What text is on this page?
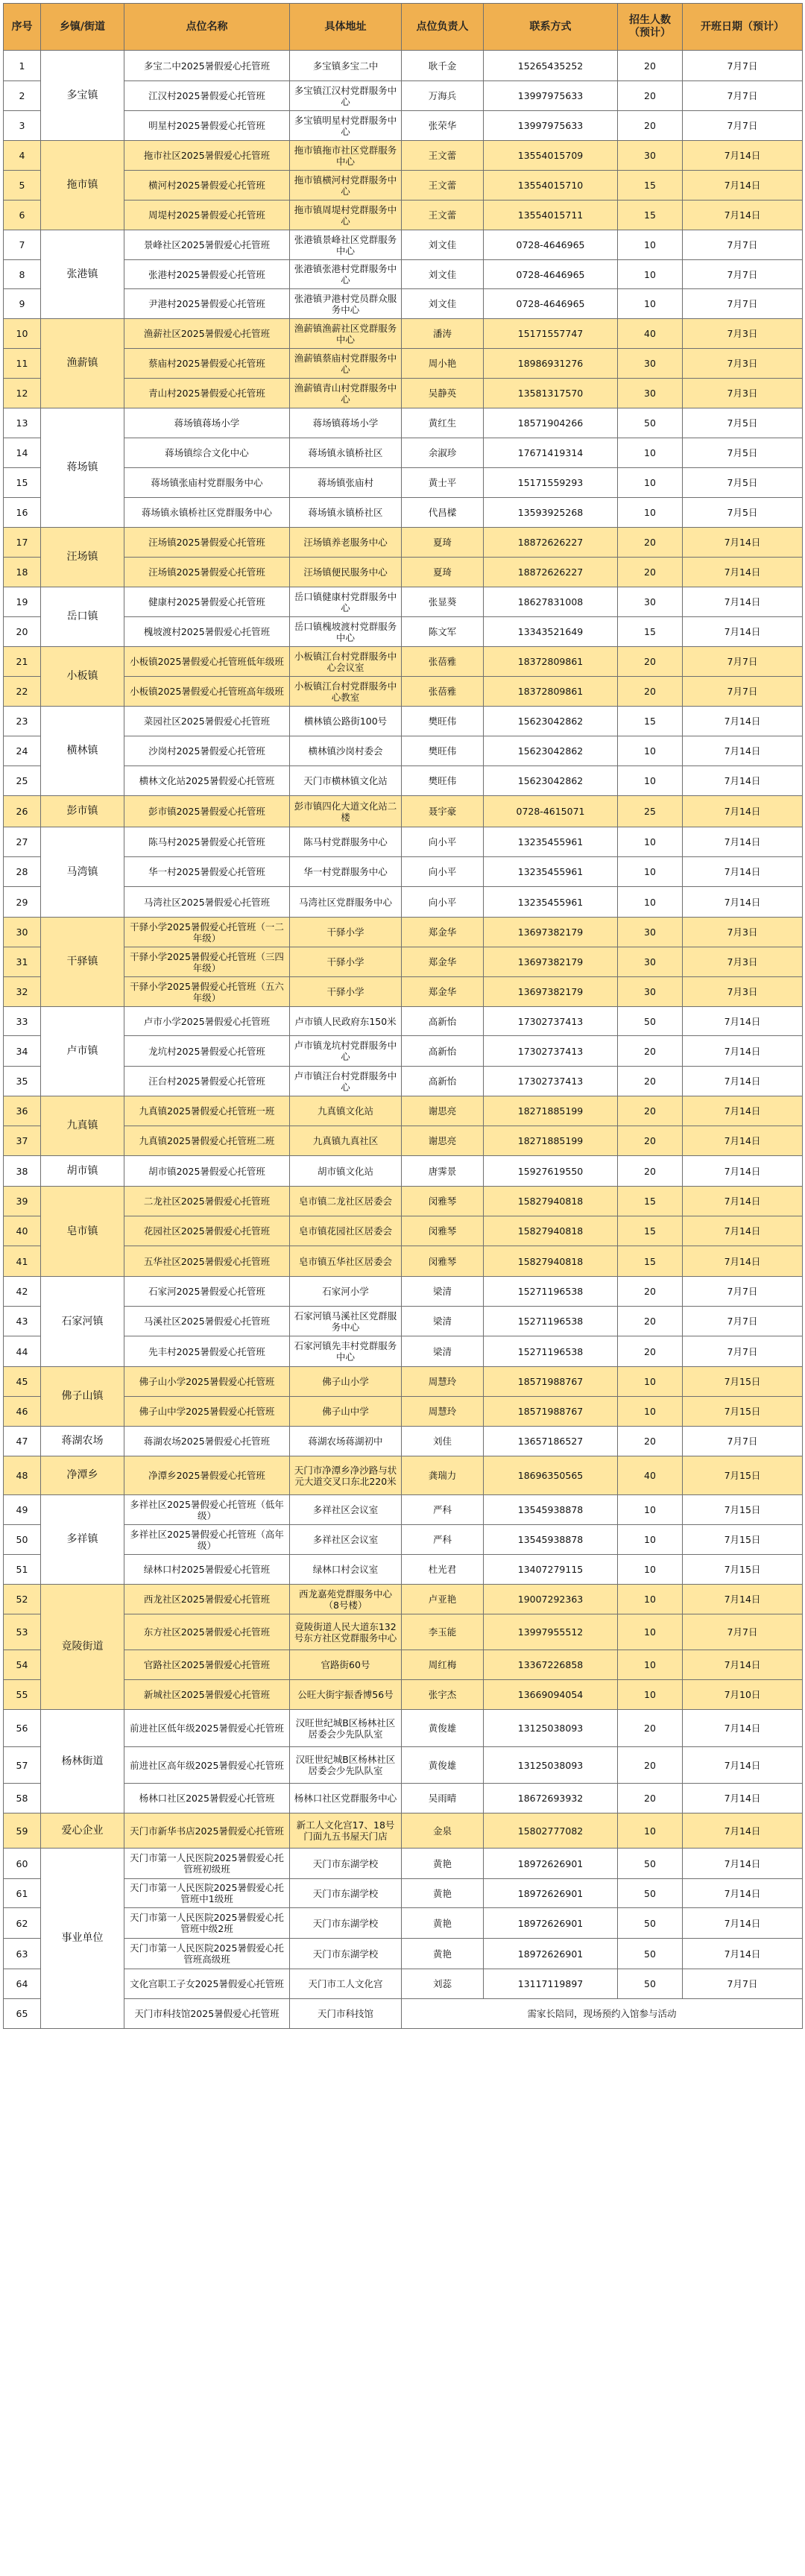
序号	乡镇/街道	点位名称	具体地址	点位负责人	联系方式	招生人数（预计）	开班日期（预计）
1	多宝镇	多宝二中2025暑假爱心托管班	多宝镇多宝二中	耿千金	15265435252	20	7月7日
2		江汉村2025暑假爱心托管班	多宝镇江汉村党群服务中心	万海兵	13997975633	20	7月7日
3		明星村2025暑假爱心托管班	多宝镇明星村党群服务中心	张荣华	13997975633	20	7月7日
4	拖市镇	拖市社区2025暑假爱心托管班	拖市镇拖市社区党群服务中心	王文蕾	13554015709	30	7月14日
5		横河村2025暑假爱心托管班	拖市镇横河村党群服务中心	王文蕾	13554015710	15	7月14日
6		周堤村2025暑假爱心托管班	拖市镇周堤村党群服务中心	王文蕾	13554015711	15	7月14日
7	张港镇	景峰社区2025暑假爱心托管班	张港镇景峰社区党群服务中心	刘文佳	0728-4646965	10	7月7日
8		张港村2025暑假爱心托管班	张港镇张港村党群服务中心	刘文佳	0728-4646965	10	7月7日
9		尹港村2025暑假爱心托管班	张港镇尹港村党员群众服务中心	刘文佳	0728-4646965	10	7月7日
10	渔薪镇	渔薪社区2025暑假爱心托管班	渔薪镇渔薪社区党群服务中心	潘涛	15171557747	40	7月3日
11		蔡庙村2025暑假爱心托管班	渔薪镇蔡庙村党群服务中心	周小艳	18986931276	30	7月3日
12		青山村2025暑假爱心托管班	渔薪镇青山村党群服务中心	吴静英	13581317570	30	7月3日
13	蒋场镇	蒋场镇蒋场小学	蒋场镇蒋场小学	黄红生	18571904266	50	7月5日
14		蒋场镇综合文化中心	蒋场镇永镇桥社区	余淑珍	17671419314	10	7月5日
15		蒋场镇张庙村党群服务中心	蒋场镇张庙村	黄士平	15171559293	10	7月5日
16		蒋场镇永镇桥社区党群服务中心	蒋场镇永镇桥社区	代昌樑	13593925268	10	7月5日
17	汪场镇	汪场镇2025暑假爱心托管班	汪场镇养老服务中心	夏琦	18872626227	20	7月14日
18		汪场镇2025暑假爱心托管班	汪场镇便民服务中心	夏琦	18872626227	20	7月14日
19	岳口镇	健康村2025暑假爱心托管班	岳口镇健康村党群服务中心	张显葵	18627831008	30	7月14日
20		槐坡渡村2025暑假爱心托管班	岳口镇槐坡渡村党群服务中心	陈文军	13343521649	15	7月14日
21	小板镇	小板镇2025暑假爱心托管班低年级班	小板镇江台村党群服务中心会议室	张蓓雅	18372809861	20	7月7日
22		小板镇2025暑假爱心托管班高年级班	小板镇江台村党群服务中心教室	张蓓雅	18372809861	20	7月7日
23	横林镇	菜园社区2025暑假爱心托管班	横林镇公路街100号	樊旺伟	15623042862	15	7月14日
24		沙岗村2025暑假爱心托管班	横林镇沙岗村委会	樊旺伟	15623042862	10	7月14日
25		横林文化站2025暑假爱心托管班	天门市横林镇文化站	樊旺伟	15623042862	10	7月14日
26	彭市镇	彭市镇2025暑假爱心托管班	彭市镇四化大道文化站二楼	聂宇豪	0728-4615071	25	7月14日
27	马湾镇	陈马村2025暑假爱心托管班	陈马村党群服务中心	向小平	13235455961	10	7月14日
28		华一村2025暑假爱心托管班	华一村党群服务中心	向小平	13235455961	10	7月14日
29		马湾社区2025暑假爱心托管班	马湾社区党群服务中心	向小平	13235455961	10	7月14日
30	干驿镇	干驿小学2025暑假爱心托管班（一二年级）	干驿小学	郑金华	13697382179	30	7月3日
31		干驿小学2025暑假爱心托管班（三四年级）	干驿小学	郑金华	13697382179	30	7月3日
32		干驿小学2025暑假爱心托管班（五六年级）	干驿小学	郑金华	13697382179	30	7月3日
33	卢市镇	卢市小学2025暑假爱心托管班	卢市镇人民政府东150米	高新怡	17302737413	50	7月14日
34		龙坑村2025暑假爱心托管班	卢市镇龙坑村党群服务中心	高新怡	17302737413	20	7月14日
35		汪台村2025暑假爱心托管班	卢市镇汪台村党群服务中心	高新怡	17302737413	20	7月14日
36	九真镇	九真镇2025暑假爱心托管班一班	九真镇文化站	谢思亮	18271885199	20	7月14日
37		九真镇2025暑假爱心托管班二班	九真镇九真社区	谢思亮	18271885199	20	7月14日
38	胡市镇	胡市镇2025暑假爱心托管班	胡市镇文化站	唐霁景	15927619550	20	7月14日
39	皂市镇	二龙社区2025暑假爱心托管班	皂市镇二龙社区居委会	闵雅琴	15827940818	15	7月14日
40		花园社区2025暑假爱心托管班	皂市镇花园社区居委会	闵雅琴	15827940818	15	7月14日
41		五华社区2025暑假爱心托管班	皂市镇五华社区居委会	闵雅琴	15827940818	15	7月14日
42	石家河镇	石家河2025暑假爱心托管班	石家河小学	梁清	15271196538	20	7月7日
43		马溪社区2025暑假爱心托管班	石家河镇马溪社区党群服务中心	梁清	15271196538	20	7月7日
44		先丰村2025暑假爱心托管班	石家河镇先丰村党群服务中心	梁清	15271196538	20	7月7日
45	佛子山镇	佛子山小学2025暑假爱心托管班	佛子山小学	周慧玲	18571988767	10	7月15日
46		佛子山中学2025暑假爱心托管班	佛子山中学	周慧玲	18571988767	10	7月15日
47	蒋湖农场	蒋湖农场2025暑假爱心托管班	蒋湖农场蒋湖初中	刘佳	13657186527	20	7月7日
48	净潭乡	净潭乡2025暑假爱心托管班	天门市净潭乡净沙路与状元大道交叉口东北220米	龚瑞力	18696350565	40	7月15日
49	多祥镇	多祥社区2025暑假爱心托管班（低年级）	多祥社区会议室	严科	13545938878	10	7月15日
50		多祥社区2025暑假爱心托管班（高年级）	多祥社区会议室	严科	13545938878	10	7月15日
51		绿林口村2025暑假爱心托管班	绿林口村会议室	杜光君	13407279115	10	7月15日
52	竟陵街道	西龙社区2025暑假爱心托管班	西龙嘉苑党群服务中心（8号楼）	卢亚艳	19007292363	10	7月14日
53		东方社区2025暑假爱心托管班	竟陵街道人民大道东132号东方社区党群服务中心	李玉能	13997955512	10	7月7日
54		官路社区2025暑假爱心托管班	官路街60号	周红梅	13367226858	10	7月14日
55		新城社区2025暑假爱心托管班	公旺大街宇振香博56号	张宇杰	13669094054	10	7月10日
56	杨林街道	前进社区低年级2025暑假爱心托管班	汉旺世纪城B区杨林社区居委会少先队队室	黄俊雄	13125038093	20	7月14日
57		前进社区高年级2025暑假爱心托管班	汉旺世纪城B区杨林社区居委会少先队队室	黄俊雄	13125038093	20	7月14日
58		杨林口社区2025暑假爱心托管班	杨林口社区党群服务中心	吴雨晴	18672693932	20	7月14日
59	爱心企业	天门市新华书店2025暑假爱心托管班	新工人文化宫17、18号门面九五书屋天门店	金泉	15802777082	10	7月14日
60	事业单位	天门市第一人民医院2025暑假爱心托管班初级班	天门市东湖学校	黄艳	18972626901	50	7月14日
61		天门市第一人民医院2025暑假爱心托管班中1级班	天门市东湖学校	黄艳	18972626901	50	7月14日
62		天门市第一人民医院2025暑假爱心托管班中级2班	天门市东湖学校	黄艳	18972626901	50	7月14日
63		天门市第一人民医院2025暑假爱心托管班高级班	天门市东湖学校	黄艳	18972626901	50	7月14日
64		文化宫职工子女2025暑假爱心托管班	天门市工人文化宫	刘蕊	13117119897	50	7月7日
65		天门市科技馆2025暑假爱心托管班	天门市科技馆	需家长陪同，现场预约入馆参与活动			
